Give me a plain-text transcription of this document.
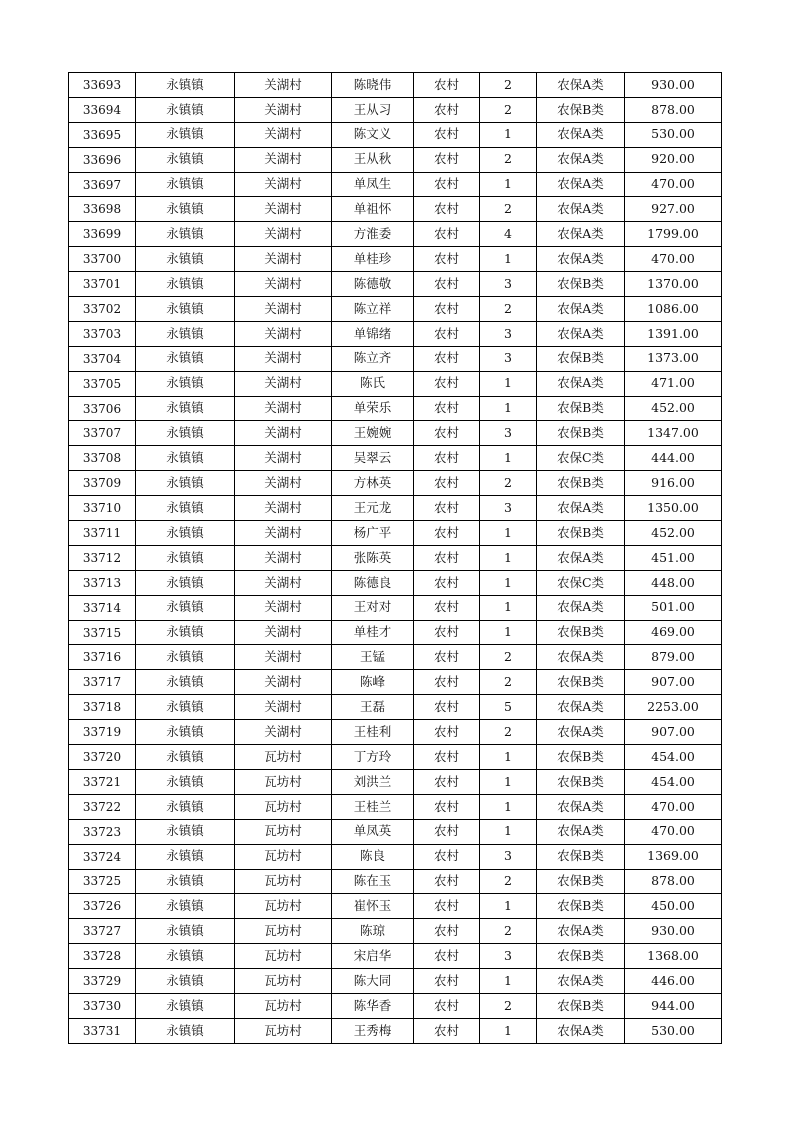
33693	永镇镇	关湖村	陈晓伟	农村	2	农保A类	930.00
33694	永镇镇	关湖村	王从习	农村	2	农保B类	878.00
33695	永镇镇	关湖村	陈文义	农村	1	农保A类	530.00
33696	永镇镇	关湖村	王从秋	农村	2	农保A类	920.00
33697	永镇镇	关湖村	单凤生	农村	1	农保A类	470.00
33698	永镇镇	关湖村	单祖怀	农村	2	农保A类	927.00
33699	永镇镇	关湖村	方淮委	农村	4	农保A类	1799.00
33700	永镇镇	关湖村	单桂珍	农村	1	农保A类	470.00
33701	永镇镇	关湖村	陈德敬	农村	3	农保B类	1370.00
33702	永镇镇	关湖村	陈立祥	农村	2	农保A类	1086.00
33703	永镇镇	关湖村	单锦绪	农村	3	农保A类	1391.00
33704	永镇镇	关湖村	陈立齐	农村	3	农保B类	1373.00
33705	永镇镇	关湖村	陈氏	农村	1	农保A类	471.00
33706	永镇镇	关湖村	单荣乐	农村	1	农保B类	452.00
33707	永镇镇	关湖村	王婉婉	农村	3	农保B类	1347.00
33708	永镇镇	关湖村	吴翠云	农村	1	农保C类	444.00
33709	永镇镇	关湖村	方林英	农村	2	农保B类	916.00
33710	永镇镇	关湖村	王元龙	农村	3	农保A类	1350.00
33711	永镇镇	关湖村	杨广平	农村	1	农保B类	452.00
33712	永镇镇	关湖村	张陈英	农村	1	农保A类	451.00
33713	永镇镇	关湖村	陈德良	农村	1	农保C类	448.00
33714	永镇镇	关湖村	王对对	农村	1	农保A类	501.00
33715	永镇镇	关湖村	单桂才	农村	1	农保B类	469.00
33716	永镇镇	关湖村	王锰	农村	2	农保A类	879.00
33717	永镇镇	关湖村	陈峰	农村	2	农保B类	907.00
33718	永镇镇	关湖村	王磊	农村	5	农保A类	2253.00
33719	永镇镇	关湖村	王桂利	农村	2	农保A类	907.00
33720	永镇镇	瓦坊村	丁方玲	农村	1	农保B类	454.00
33721	永镇镇	瓦坊村	刘洪兰	农村	1	农保B类	454.00
33722	永镇镇	瓦坊村	王桂兰	农村	1	农保A类	470.00
33723	永镇镇	瓦坊村	单凤英	农村	1	农保A类	470.00
33724	永镇镇	瓦坊村	陈良	农村	3	农保B类	1369.00
33725	永镇镇	瓦坊村	陈在玉	农村	2	农保B类	878.00
33726	永镇镇	瓦坊村	崔怀玉	农村	1	农保B类	450.00
33727	永镇镇	瓦坊村	陈琼	农村	2	农保A类	930.00
33728	永镇镇	瓦坊村	宋启华	农村	3	农保B类	1368.00
33729	永镇镇	瓦坊村	陈大同	农村	1	农保A类	446.00
33730	永镇镇	瓦坊村	陈华香	农村	2	农保B类	944.00
33731	永镇镇	瓦坊村	王秀梅	农村	1	农保A类	530.00
